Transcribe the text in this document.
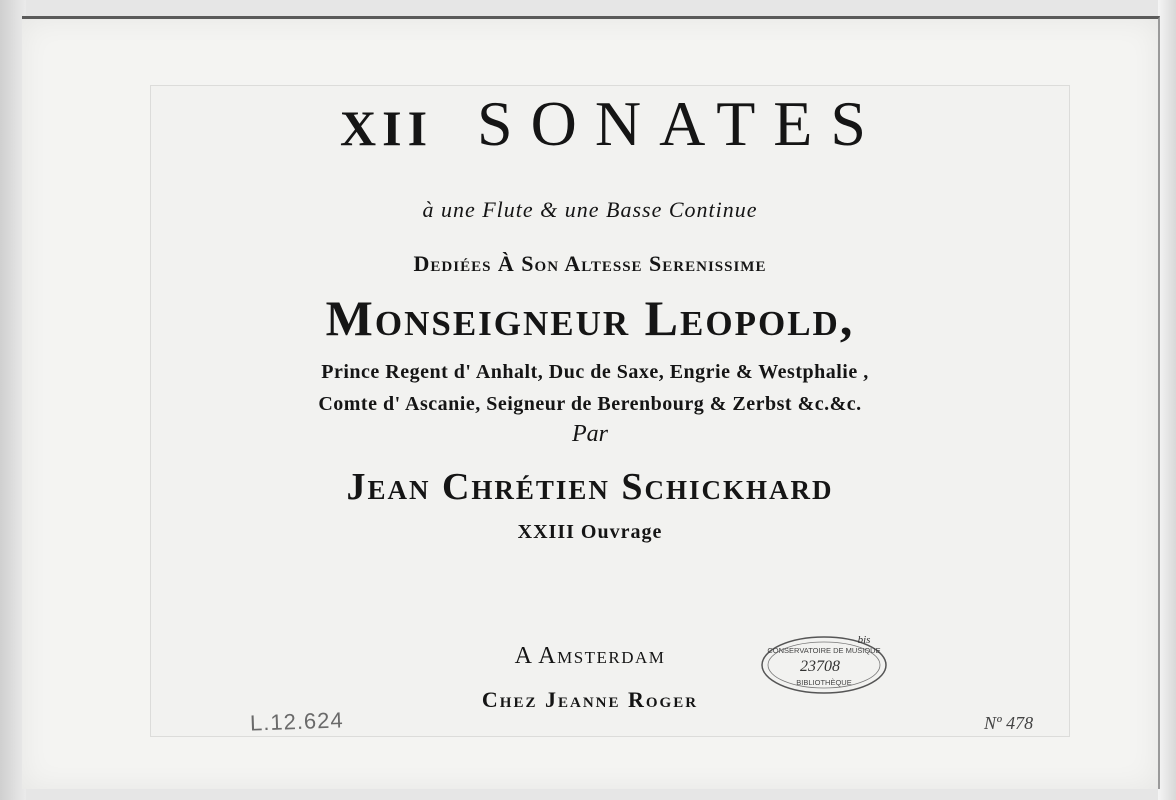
XII SONATES
à une Flute & une Basse Continue
Dediées À Son Altesse Serenissime
Monseigneur Leopold,
Prince Regent d' Anhalt, Duc de Saxe, Engrie & Westphalie ,
Comte d' Ascanie, Seigneur de Berenbourg & Zerbst &c.&c.
Par
Jean Chrétien Schickhard
XXIII Ouvrage
A Amsterdam
Chez Jeanne Roger
L.12.624	Nº 478
CONSERVATOIRE DE MUSIQUE
23708
bis
BIBLIOTHÈQUE
